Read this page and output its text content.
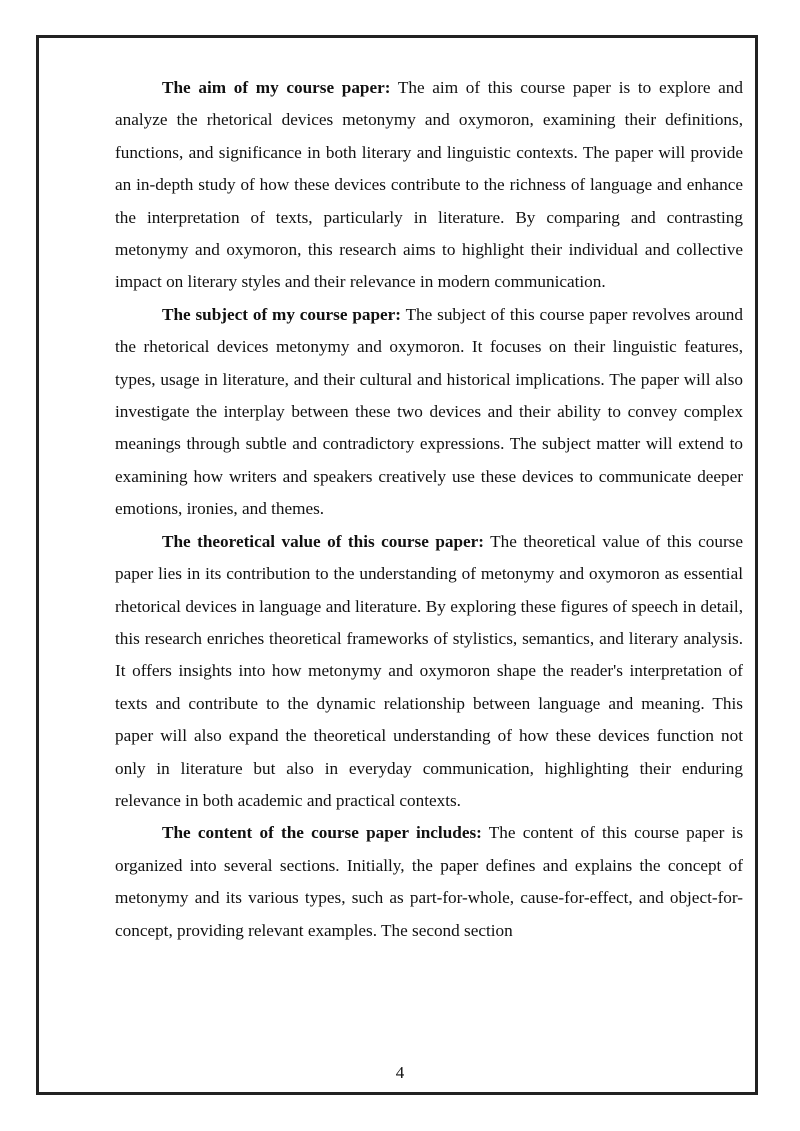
The aim of my course paper: The aim of this course paper is to explore and analyze the rhetorical devices metonymy and oxymoron, examining their definitions, functions, and significance in both literary and linguistic contexts. The paper will provide an in-depth study of how these devices contribute to the richness of language and enhance the interpretation of texts, particularly in literature. By comparing and contrasting metonymy and oxymoron, this research aims to highlight their individual and collective impact on literary styles and their relevance in modern communication.

The subject of my course paper: The subject of this course paper revolves around the rhetorical devices metonymy and oxymoron. It focuses on their linguistic features, types, usage in literature, and their cultural and historical implications. The paper will also investigate the interplay between these two devices and their ability to convey complex meanings through subtle and contradictory expressions. The subject matter will extend to examining how writers and speakers creatively use these devices to communicate deeper emotions, ironies, and themes.

The theoretical value of this course paper: The theoretical value of this course paper lies in its contribution to the understanding of metonymy and oxymoron as essential rhetorical devices in language and literature. By exploring these figures of speech in detail, this research enriches theoretical frameworks of stylistics, semantics, and literary analysis. It offers insights into how metonymy and oxymoron shape the reader's interpretation of texts and contribute to the dynamic relationship between language and meaning. This paper will also expand the theoretical understanding of how these devices function not only in literature but also in everyday communication, highlighting their enduring relevance in both academic and practical contexts.

The content of the course paper includes: The content of this course paper is organized into several sections. Initially, the paper defines and explains the concept of metonymy and its various types, such as part-for-whole, cause-for-effect, and object-for-concept, providing relevant examples. The second section

4
